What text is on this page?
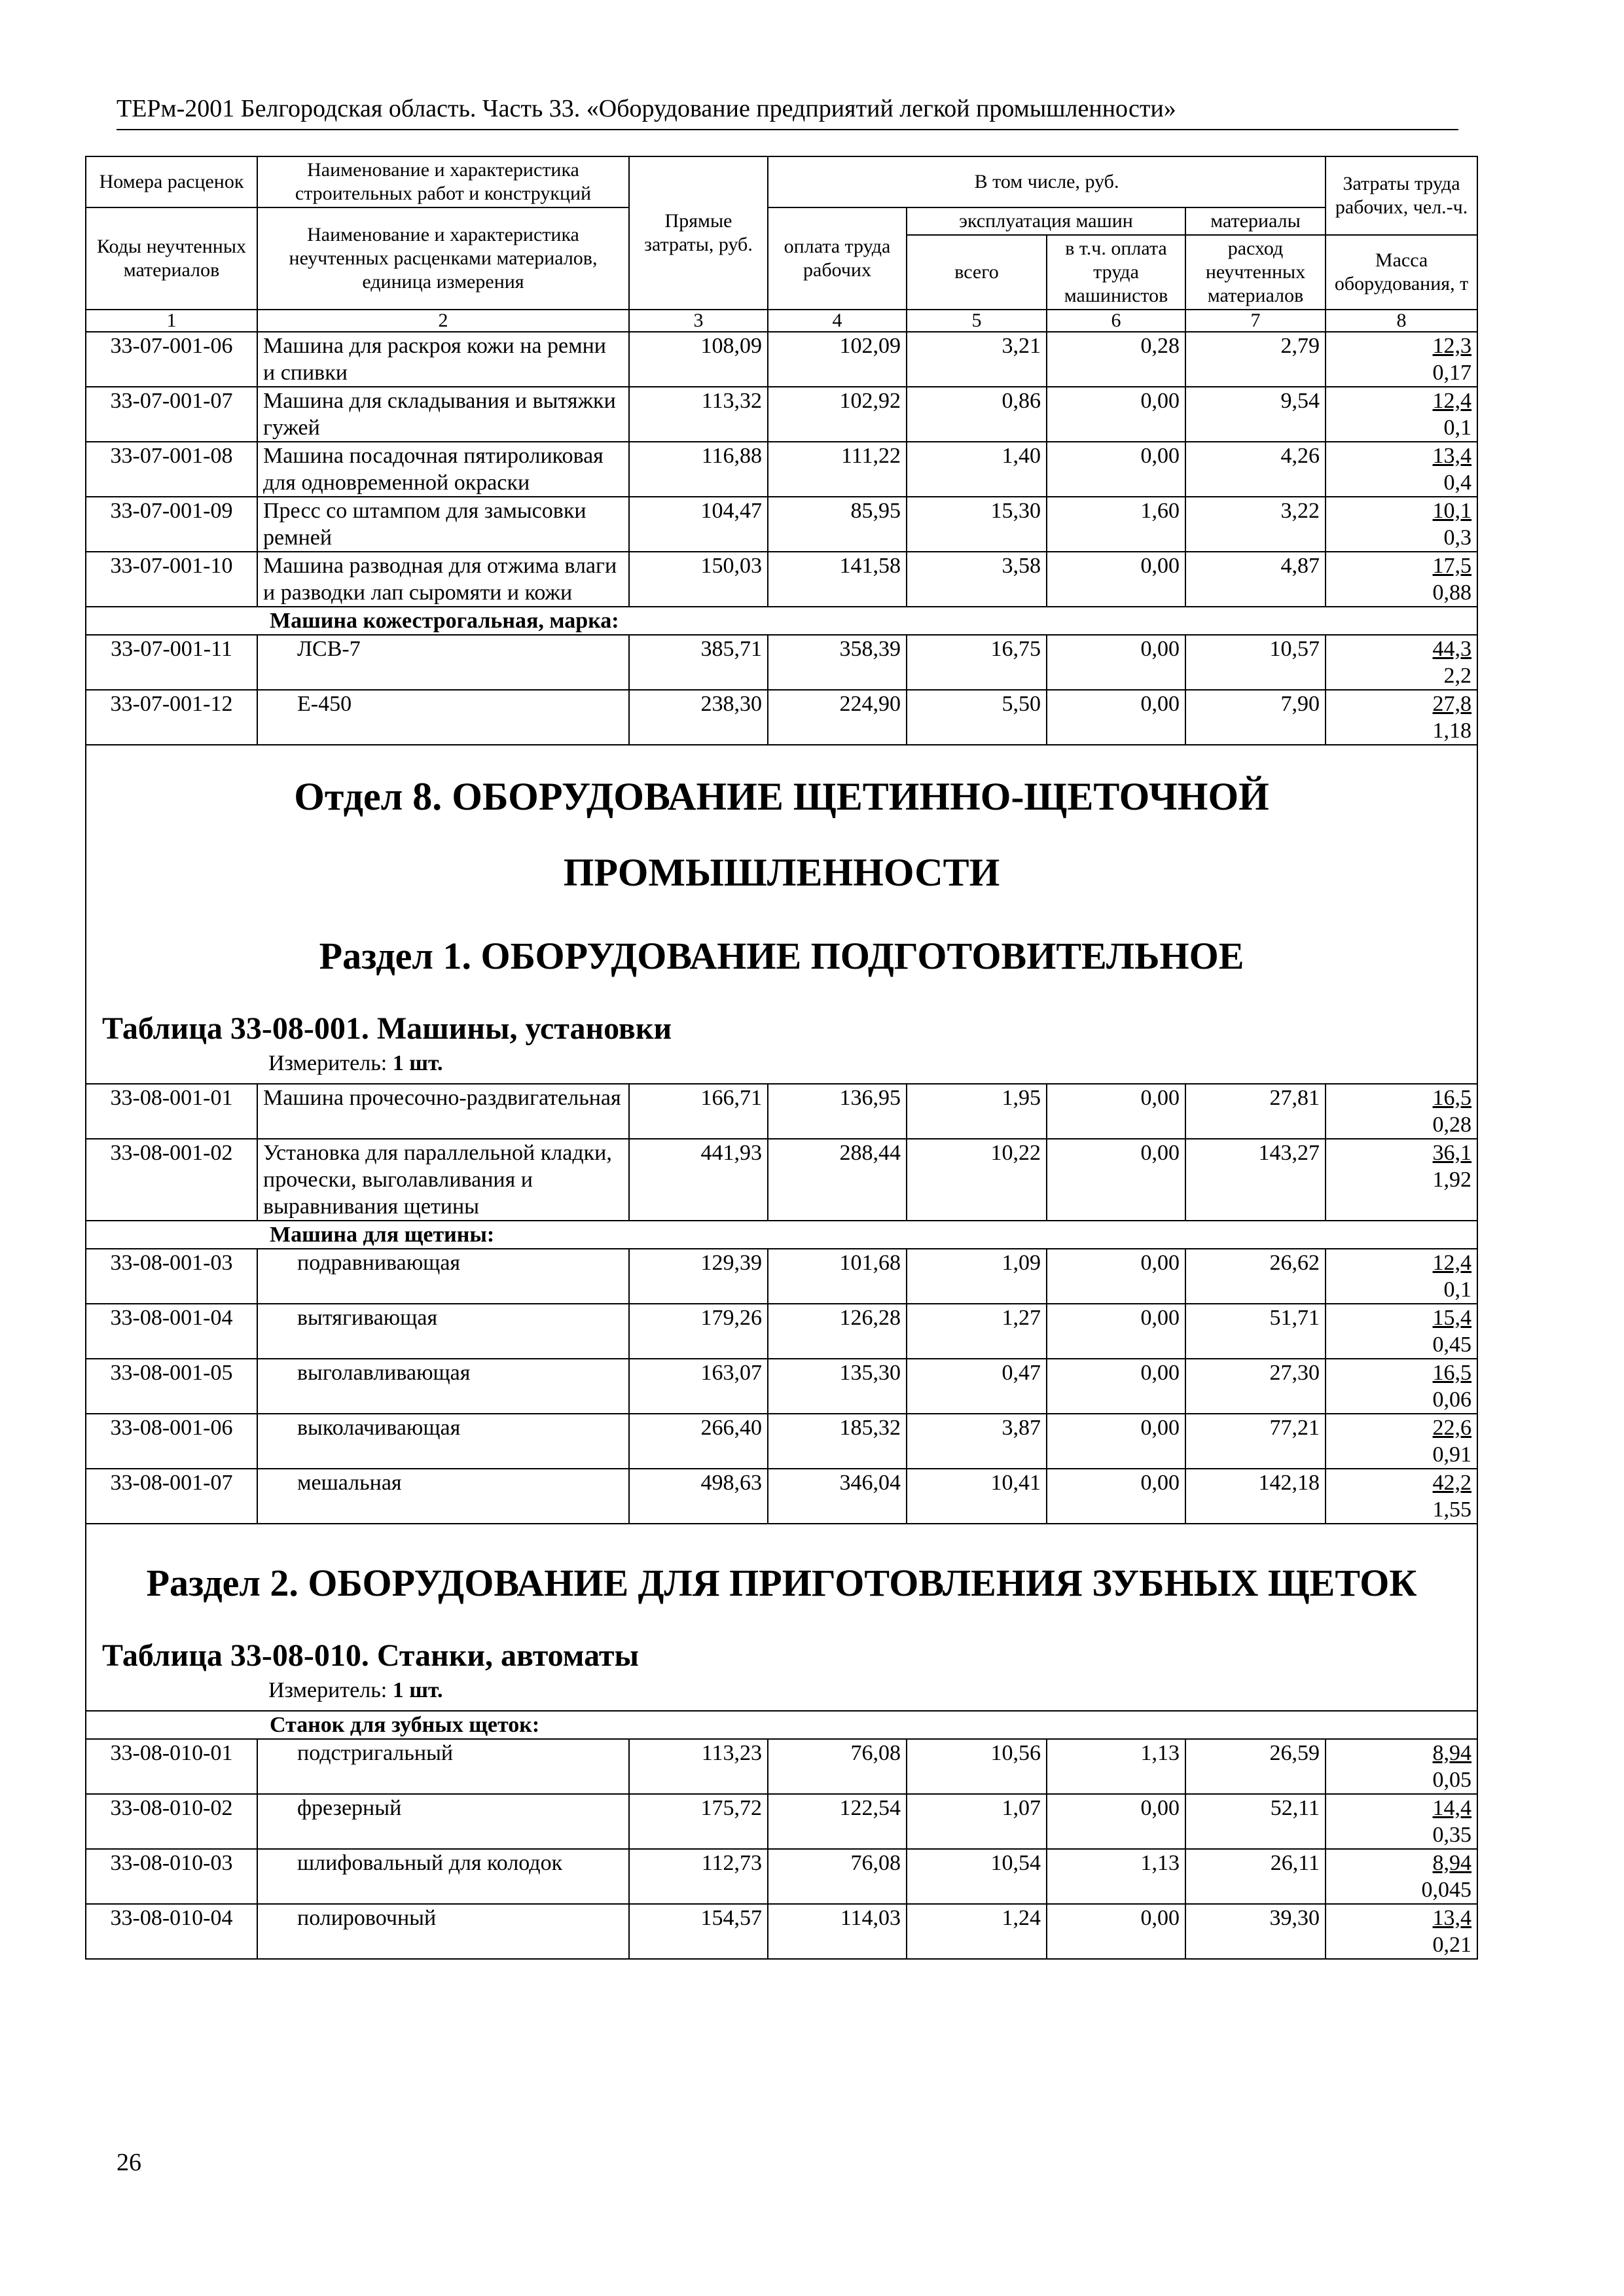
ТЕРм-2001 Белгородская область. Часть 33. «Оборудование предприятий легкой промышленности»
Номера расценок	Наименование и характеристика строительных работ и конструкций	Прямые затраты, руб.	В том числе, руб.				Затраты труда рабочих, чел.-ч.
Коды неучтенных материалов	Наименование и характеристика неучтенных расценками материалов, единица измерения		оплата труда рабочих	эксплуатация машин		материалы	
				всего	в т.ч. оплата труда машинистов	расход неучтенных материалов	Масса оборудования, т
1	2	3	4	5	6	7	8
33-07-001-06	Машина для раскроя кожи на ремни и спивки	108,09	102,09	3,21	0,28	2,79	12,3
0,17

33-07-001-07	Машина для складывания и вытяжки гужей	113,32	102,92	0,86	0,00	9,54	12,4
0,1

33-07-001-08	Машина посадочная пятироликовая для одновременной окраски	116,88	111,22	1,40	0,00	4,26	13,4
0,4

33-07-001-09	Пресс со штампом для замысовки ремней	104,47	85,95	15,30	1,60	3,22	10,1
0,3

33-07-001-10	Машина разводная для отжима влаги и разводки лап сыромяти и кожи	150,03	141,58	3,58	0,00	4,87	17,5
0,88

Машина кожестрогальная, марка:							
33-07-001-11	ЛСВ-7	385,71	358,39	16,75	0,00	10,57	44,3
2,2

33-07-001-12	Е-450	238,30	224,90	5,50	0,00	7,90	27,8
1,18

Отдел 8. ОБОРУДОВАНИЕ ЩЕТИННО-ЩЕТОЧНОЙ
ПРОМЫШЛЕННОСТИ
Раздел 1. ОБОРУДОВАНИЕ ПОДГОТОВИТЕЛЬНОЕ
Таблица 33-08-001. Машины, установки
Измеритель: 1 шт.							

33-08-001-01	Машина прочесочно-раздвигательная	166,71	136,95	1,95	0,00	27,81	16,5
0,28

33-08-001-02	Установка для параллельной кладки, прочески, выголавливания и выравнивания щетины	441,93	288,44	10,22	0,00	143,27	36,1
1,92

Машина для щетины:							
33-08-001-03	подравнивающая	129,39	101,68	1,09	0,00	26,62	12,4
0,1

33-08-001-04	вытягивающая	179,26	126,28	1,27	0,00	51,71	15,4
0,45

33-08-001-05	выголавливающая	163,07	135,30	0,47	0,00	27,30	16,5
0,06

33-08-001-06	выколачивающая	266,40	185,32	3,87	0,00	77,21	22,6
0,91

33-08-001-07	мешальная	498,63	346,04	10,41	0,00	142,18	42,2
1,55

Раздел 2. ОБОРУДОВАНИЕ ДЛЯ ПРИГОТОВЛЕНИЯ ЗУБНЫХ ЩЕТОК
Таблица 33-08-010. Станки, автоматы
Измеритель: 1 шт.							

Станок для зубных щеток:							
33-08-010-01	подстригальный	113,23	76,08	10,56	1,13	26,59	8,94
0,05

33-08-010-02	фрезерный	175,72	122,54	1,07	0,00	52,11	14,4
0,35

33-08-010-03	шлифовальный для колодок	112,73	76,08	10,54	1,13	26,11	8,94
0,045

33-08-010-04	полировочный	154,57	114,03	1,24	0,00	39,30	13,4
0,21
26
